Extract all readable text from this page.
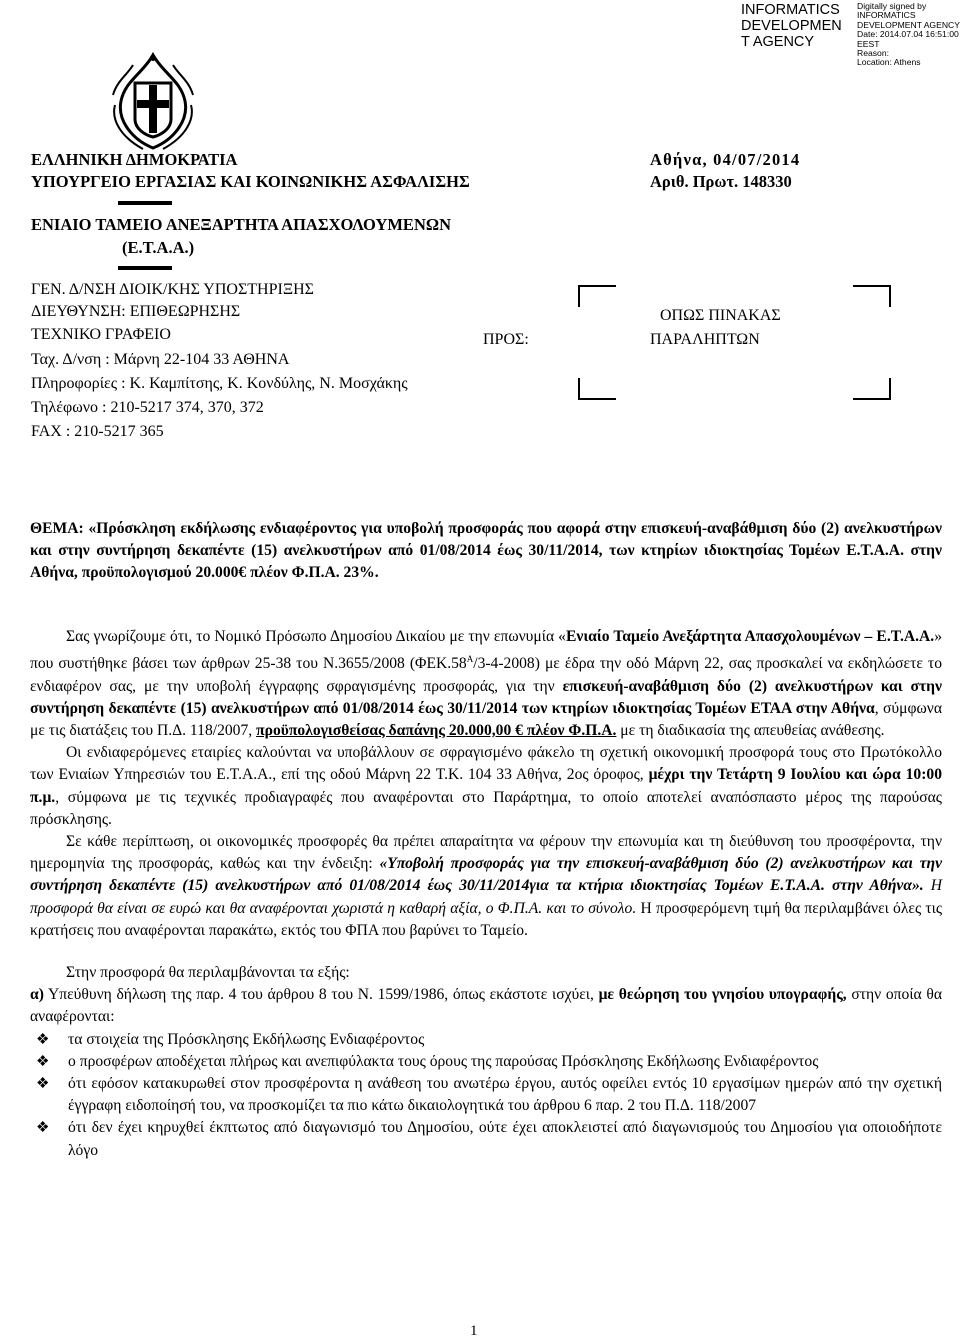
INFORMATICS
DEVELOPMEN
T AGENCY
Digitally signed by
INFORMATICS
DEVELOPMENT AGENCY
Date: 2014.07.04 16:51:00
EEST
Reason:
Location: Athens
ΕΛΛΗΝΙΚΗ ΔΗΜΟΚΡΑΤΙΑ
ΥΠΟΥΡΓΕΙΟ ΕΡΓΑΣΙΑΣ ΚΑΙ ΚΟΙΝΩΝΙΚΗΣ ΑΣΦΑΛΙΣΗΣ
ΕΝΙΑΙΟ ΤΑΜΕΙΟ ΑΝΕΞΑΡΤΗΤΑ ΑΠΑΣΧΟΛΟΥΜΕΝΩΝ
(Ε.Τ.Α.Α.)
ΓΕΝ. Δ/ΝΣΗ ΔΙΟΙΚ/ΚΗΣ ΥΠΟΣΤΗΡΙΞΗΣ
ΔΙΕΥΘΥΝΣΗ: ΕΠΙΘΕΩΡΗΣΗΣ
ΤΕΧΝΙΚΟ ΓΡΑΦΕΙΟ
Ταχ. Δ/νση : Μάρνη 22-104 33 ΑΘΗΝΑ
Πληροφορίες : Κ. Καμπίτσης, Κ. Κονδύλης, Ν. Μοσχάκης
Τηλέφωνο : 210-5217 374, 370, 372
FAX : 210-5217 365
Αθήνα, 04/07/2014
Αριθ. Πρωτ. 148330
ΠΡΟΣ:
ΟΠΩΣ ΠΙΝΑΚΑΣ
ΠΑΡΑΛΗΠΤΩΝ
ΘΕΜΑ: «Πρόσκληση εκδήλωσης ενδιαφέροντος για υποβολή προσφοράς που αφορά στην επισκευή-αναβάθμιση δύο (2) ανελκυστήρων και στην συντήρηση δεκαπέντε (15) ανελκυστήρων από 01/08/2014 έως 30/11/2014, των κτηρίων ιδιοκτησίας Τομέων Ε.Τ.Α.Α. στην Αθήνα, προϋπολογισμού 20.000€ πλέον Φ.Π.Α. 23%.

Σας γνωρίζουμε ότι, το Νομικό Πρόσωπο Δημοσίου Δικαίου με την επωνυμία «Ενιαίο Ταμείο Ανεξάρτητα Απασχολουμένων – Ε.Τ.Α.Α.» που συστήθηκε βάσει των άρθρων 25-38 του Ν.3655/2008 $(\Phi EK.58^A/3-4-2008)$ με έδρα την οδό Μάρνη 22, σας προσκαλεί να εκδηλώσετε το ενδιαφέρον σας, με την υποβολή έγγραφης σφραγισμένης προσφοράς, για την επισκευή-αναβάθμιση δύο (2) ανελκυστήρων και στην συντήρηση δεκαπέντε (15) ανελκυστήρων από 01/08/2014 έως 30/11/2014 των κτηρίων ιδιοκτησίας Τομέων ΕΤΑΑ στην Αθήνα, σύμφωνα με τις διατάξεις του Π.Δ. 118/2007, προϋπολογισθείσας δαπάνης 20.000,00 € πλέον Φ.Π.Α. με τη διαδικασία της απευθείας ανάθεσης.

Οι ενδιαφερόμενες εταιρίες καλούνται να υποβάλλουν σε σφραγισμένο φάκελο τη σχετική οικονομική προσφορά τους στο Πρωτόκολλο των Ενιαίων Υπηρεσιών του Ε.Τ.Α.Α., επί της οδού Μάρνη 22 Τ.Κ. 104 33 Αθήνα, 2ος όροφος, μέχρι την Τετάρτη 9 Ιουλίου και ώρα 10:00 π.μ., σύμφωνα με τις τεχνικές προδιαγραφές που αναφέρονται στο Παράρτημα, το οποίο αποτελεί αναπόσπαστο μέρος της παρούσας πρόσκλησης.

Σε κάθε περίπτωση, οι οικονομικές προσφορές θα πρέπει απαραίτητα να φέρουν την επωνυμία και τη διεύθυνση του προσφέροντα, την ημερομηνία της προσφοράς, καθώς και την ένδειξη: «Υποβολή προσφοράς για την επισκευή-αναβάθμιση δύο (2) ανελκυστήρων και την συντήρηση δεκαπέντε (15) ανελκυστήρων από 01/08/2014 έως 30/11/2014για τα κτήρια ιδιοκτησίας Τομέων Ε.Τ.Α.Α. στην Αθήνα». Η προσφορά θα είναι σε ευρώ και θα αναφέρονται χωριστά η καθαρή αξία, ο Φ.Π.Α. και το σύνολο. Η προσφερόμενη τιμή θα περιλαμβάνει όλες τις κρατήσεις που αναφέρονται παρακάτω, εκτός του ΦΠΑ που βαρύνει το Ταμείο.

Στην προσφορά θα περιλαμβάνονται τα εξής:

α) Υπεύθυνη δήλωση της παρ. 4 του άρθρου 8 του Ν. 1599/1986, όπως εκάστοτε ισχύει, με θεώρηση του γνησίου υπογραφής, στην οποία θα αναφέρονται:

❖ τα στοιχεία της Πρόσκλησης Εκδήλωσης Ενδιαφέροντος
❖ ο προσφέρων αποδέχεται πλήρως και ανεπιφύλακτα τους όρους της παρούσας Πρόσκλησης Εκδήλωσης Ενδιαφέροντος
❖ ότι εφόσον κατακυρωθεί στον προσφέροντα η ανάθεση του ανωτέρω έργου, αυτός οφείλει εντός 10 εργασίμων ημερών από την σχετική έγγραφη ειδοποίησή του, να προσκομίζει τα πιο κάτω δικαιολογητικά του άρθρου 6 παρ. 2 του Π.Δ. 118/2007
❖ ότι δεν έχει κηρυχθεί έκπτωτος από διαγωνισμό του Δημοσίου, ούτε έχει αποκλειστεί από διαγωνισμούς του Δημοσίου για οποιοδήποτε λόγο
1
